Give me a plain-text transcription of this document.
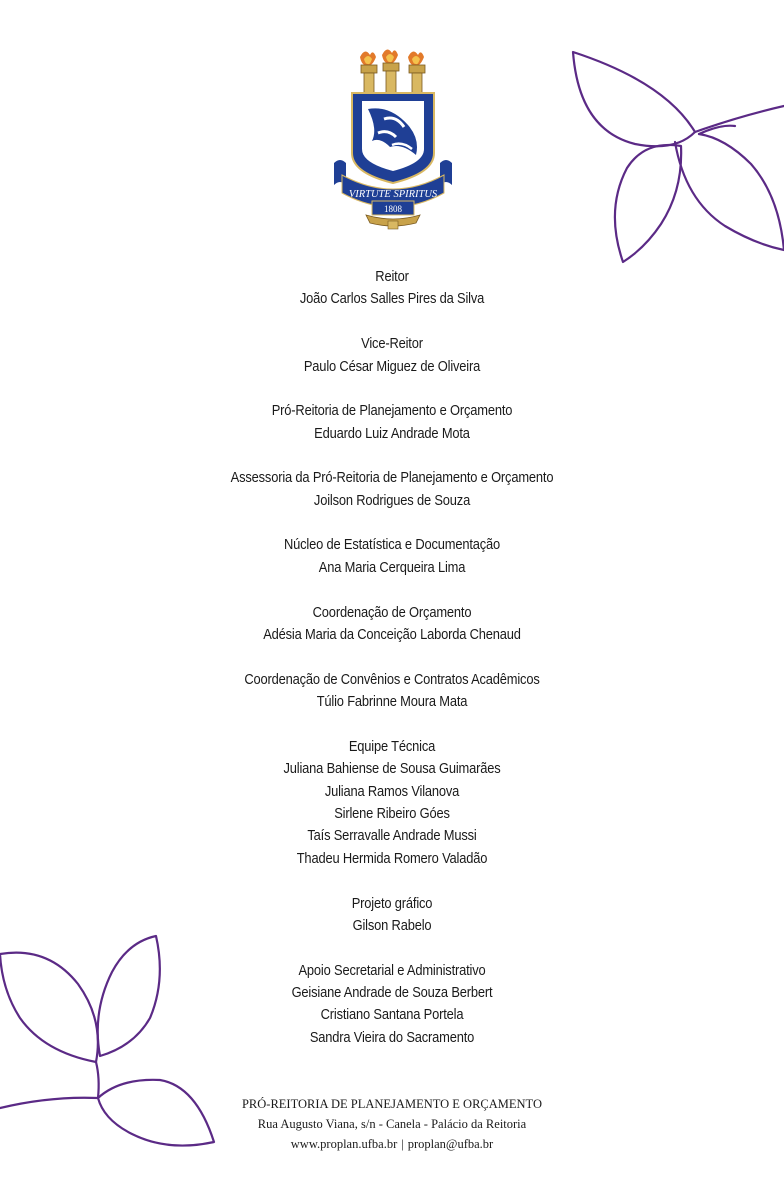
VIRTUTE SPIRITUS
1808
Reitor
João Carlos Salles Pires da Silva
Vice-Reitor
Paulo César Miguez de Oliveira
Pró-Reitoria de Planejamento e Orçamento
Eduardo Luiz Andrade Mota
Assessoria da Pró-Reitoria de Planejamento e Orçamento
Joilson Rodrigues de Souza
Núcleo de Estatística e Documentação
Ana Maria Cerqueira Lima
Coordenação de Orçamento
Adésia Maria da Conceição Laborda Chenaud
Coordenação de Convênios e Contratos Acadêmicos
Túlio Fabrinne Moura Mata
Equipe Técnica
Juliana Bahiense de Sousa Guimarães
Juliana Ramos Vilanova
Sirlene Ribeiro Góes
Taís Serravalle Andrade Mussi
Thadeu Hermida Romero Valadão
Projeto gráfico
Gilson Rabelo
Apoio Secretarial e Administrativo
Geisiane Andrade de Souza Berbert
Cristiano Santana Portela
Sandra Vieira do Sacramento
PRÓ-REITORIA DE PLANEJAMENTO E ORÇAMENTO
Rua Augusto Viana, s/n - Canela - Palácio da Reitoria
www.proplan.ufba.br | proplan@ufba.br
